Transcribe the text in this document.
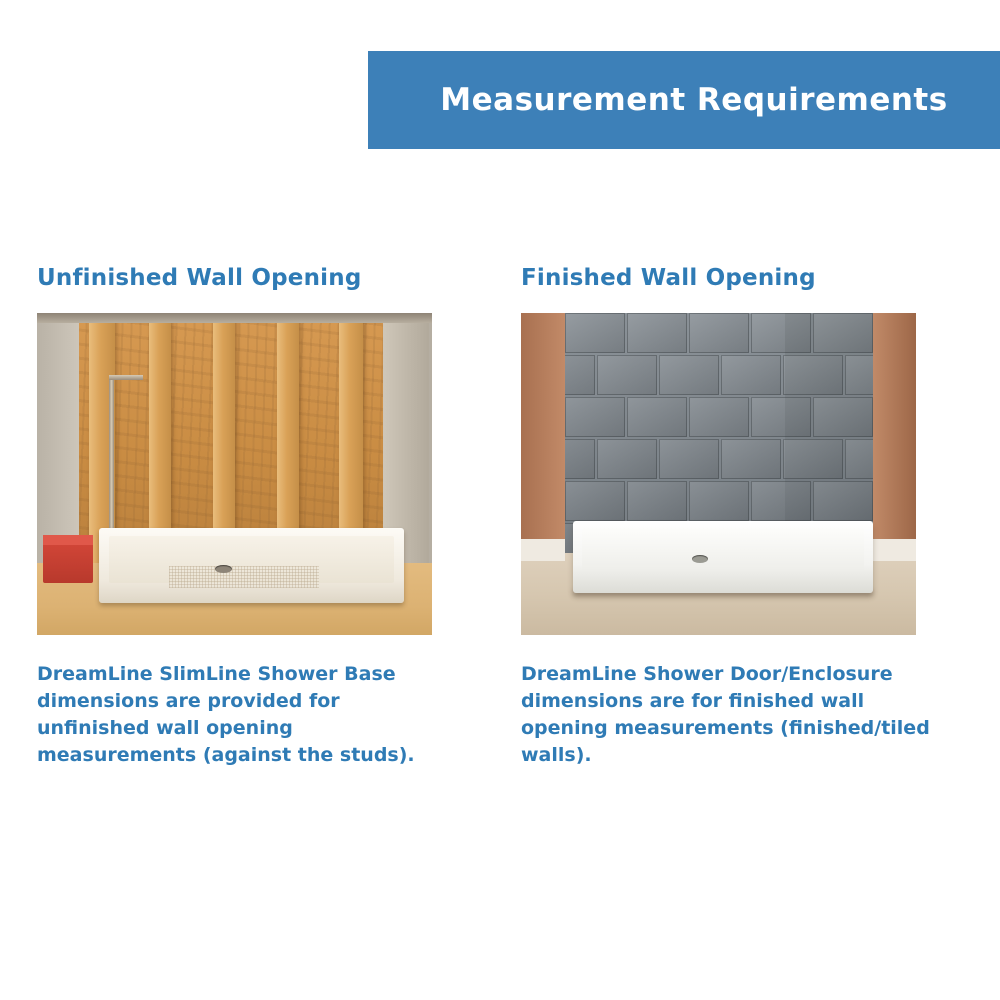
Measurement Requirements
Unfinished Wall Opening
DreamLine SlimLine Shower Base dimensions are provided for unfinished wall opening measurements (against the studs).
Finished Wall Opening
DreamLine Shower Door/Enclosure dimensions are for finished wall opening measurements (finished/tiled walls).
